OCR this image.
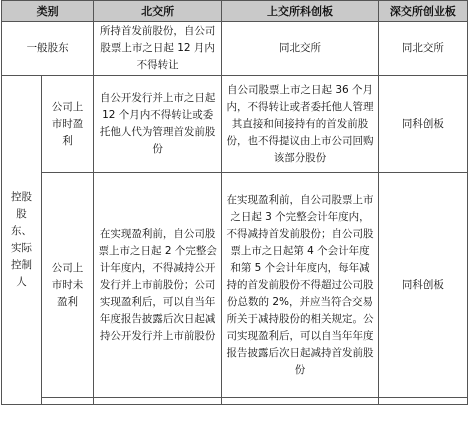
类别		北交所	上交所科创板	深交所创业板
一般股东		所持首发前股份，自公司股票上市之日起 12 月内不得转让	同北交所	同北交所

控股股东、实际控制人	公司上市时盈利	自公开发行并上市之日起 12 个月内不得转让或委托他人代为管理首发前股份	自公司股票上市之日起 36 个月内，不得转让或者委托他人管理其直接和间接持有的首发前股份，也不得提议由上市公司回购该部分股份	同科创板

	公司上市时未盈利	在实现盈利前，自公司股票上市之日起 2 个完整会计年度内，不得减持公开发行并上市前股份；公司实现盈利后，可以自当年年度报告披露后次日起减持公开发行并上市前股份	在实现盈利前，自公司股票上市之日起 3 个完整会计年度内，不得减持首发前股份；自公司股票上市之日起第 4 个会计年度和第 5 个会计年度内，每年减持的首发前股份不得超过公司股份总数的 2%，并应当符合交易所关于减持股份的相关规定。公司实现盈利后，可以自当年年度报告披露后次日起减持首发前股份	同科创板
